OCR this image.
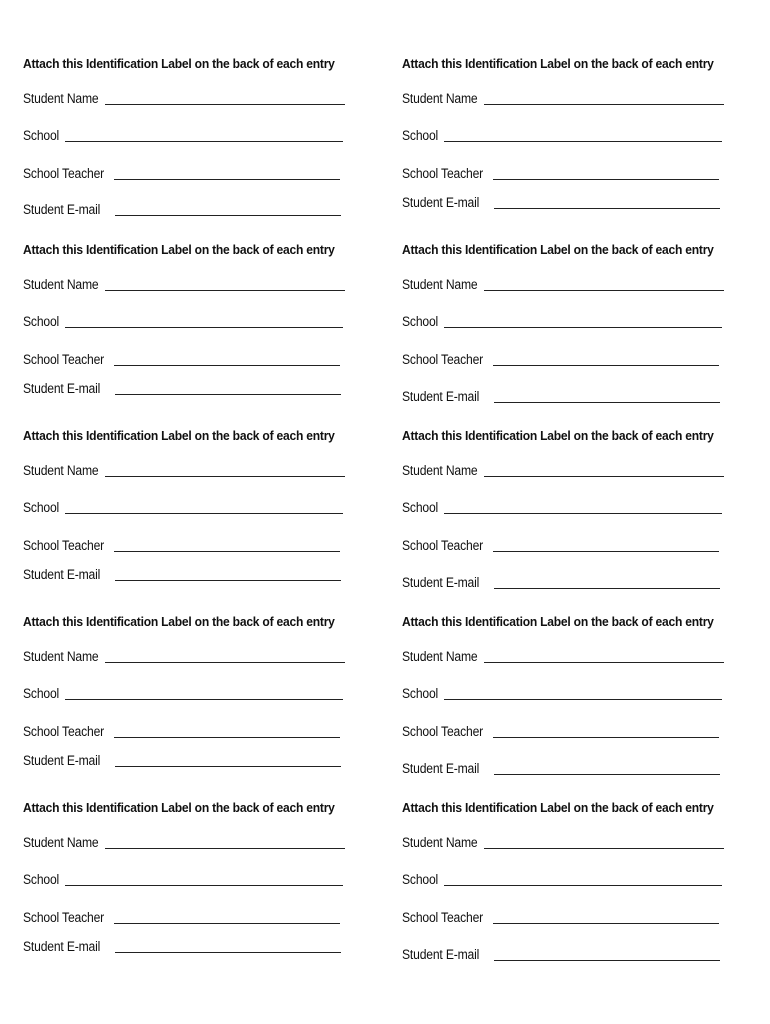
Attach this Identification Label on the back of each entry
Student Name
School
School Teacher
Student E-mail
Attach this Identification Label on the back of each entry
Student Name
School
School Teacher
Student E-mail
Attach this Identification Label on the back of each entry
Student Name
School
School Teacher
Student E-mail
Attach this Identification Label on the back of each entry
Student Name
School
School Teacher
Student E-mail
Attach this Identification Label on the back of each entry
Student Name
School
School Teacher
Student E-mail
Attach this Identification Label on the back of each entry
Student Name
School
School Teacher
Student E-mail
Attach this Identification Label on the back of each entry
Student Name
School
School Teacher
Student E-mail
Attach this Identification Label on the back of each entry
Student Name
School
School Teacher
Student E-mail
Attach this Identification Label on the back of each entry
Student Name
School
School Teacher
Student E-mail
Attach this Identification Label on the back of each entry
Student Name
School
School Teacher
Student E-mail
